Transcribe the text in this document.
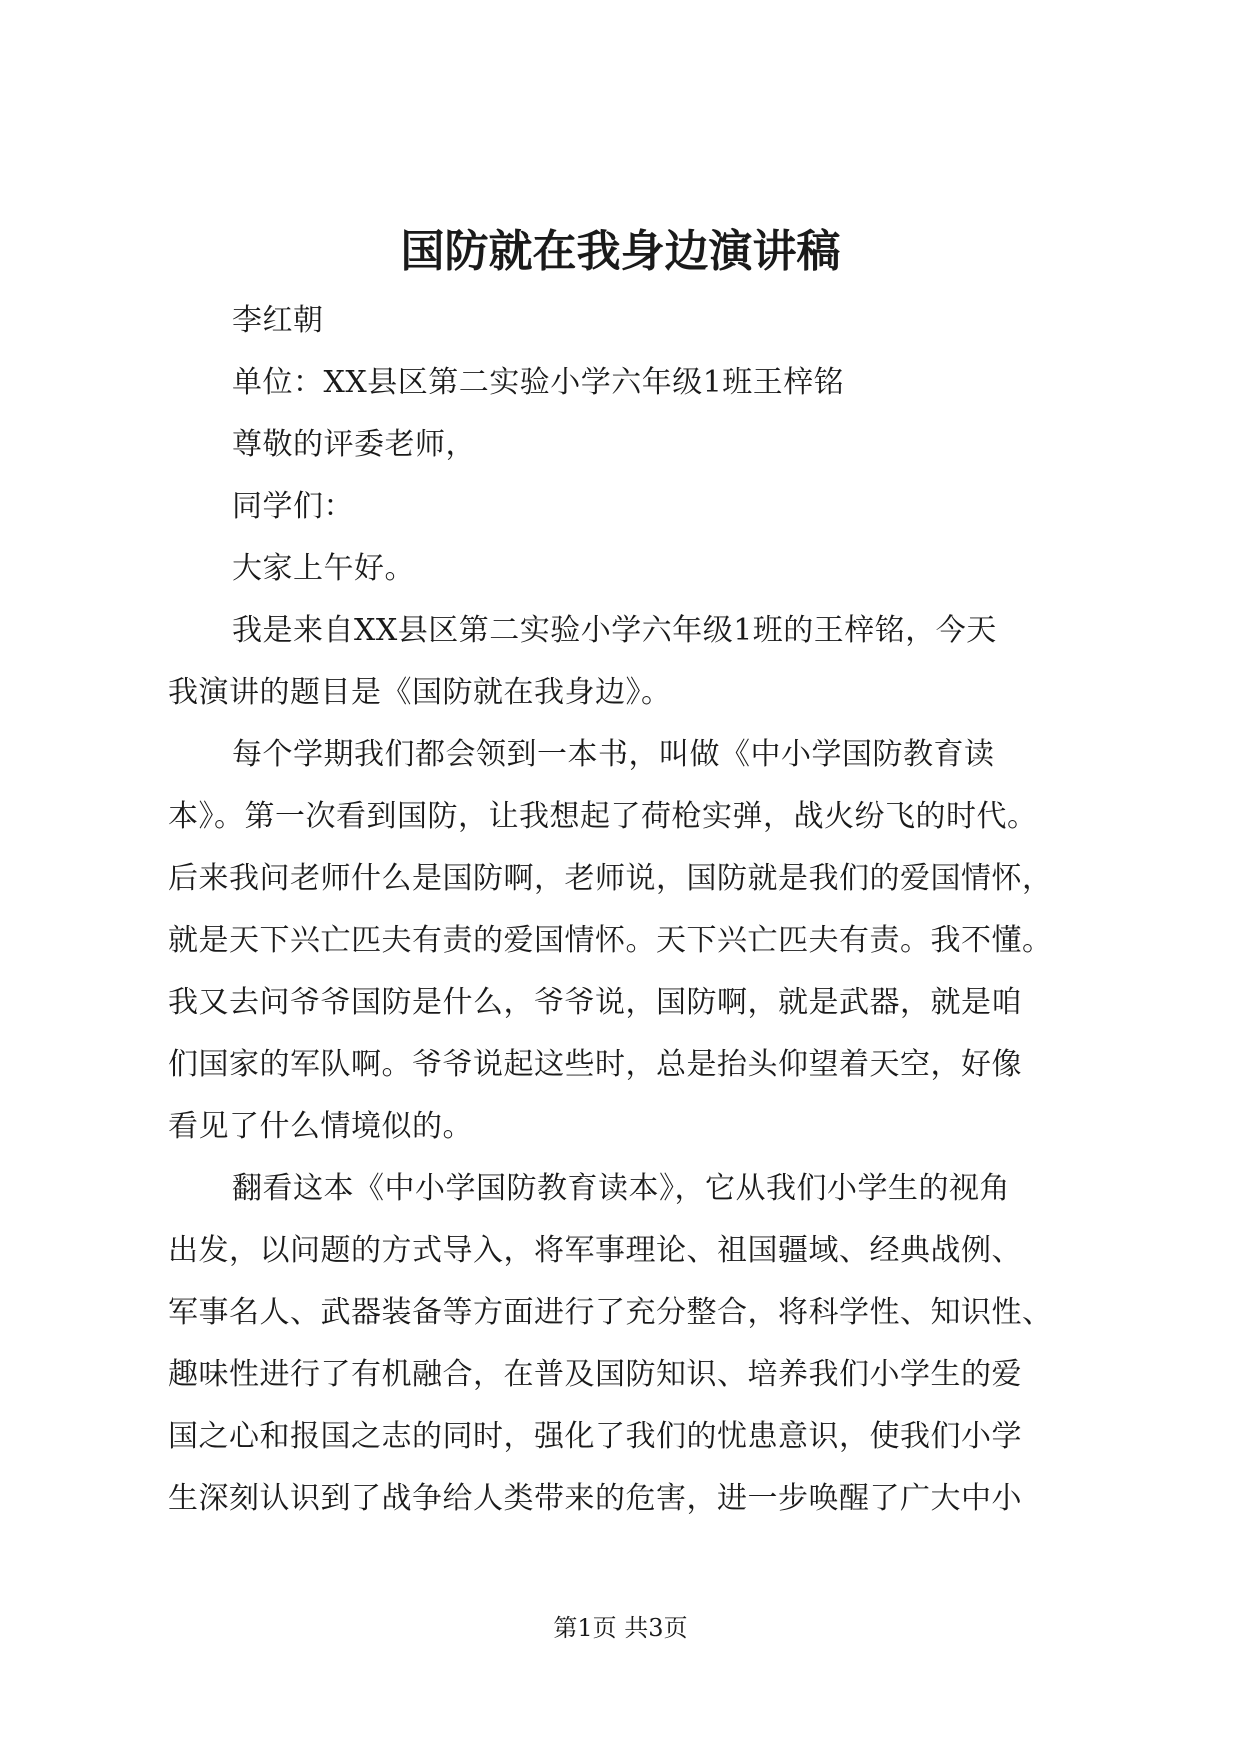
国防就在我身边演讲稿
李红朝
单位：XX县区第二实验小学六年级1班王梓铭
尊敬的评委老师，
同学们：
大家上午好。
我是来自XX县区第二实验小学六年级1班的王梓铭，今天
我演讲的题目是《国防就在我身边》。
每个学期我们都会领到一本书，叫做《中小学国防教育读
本》。第一次看到国防，让我想起了荷枪实弹，战火纷飞的时代。
后来我问老师什么是国防啊，老师说，国防就是我们的爱国情怀，
就是天下兴亡匹夫有责的爱国情怀。天下兴亡匹夫有责。我不懂。
我又去问爷爷国防是什么，爷爷说，国防啊，就是武器，就是咱
们国家的军队啊。爷爷说起这些时，总是抬头仰望着天空，好像
看见了什么情境似的。
翻看这本《中小学国防教育读本》，它从我们小学生的视角
出发，以问题的方式导入，将军事理论、祖国疆域、经典战例、
军事名人、武器装备等方面进行了充分整合，将科学性、知识性、
趣味性进行了有机融合，在普及国防知识、培养我们小学生的爱
国之心和报国之志的同时，强化了我们的忧患意识，使我们小学
生深刻认识到了战争给人类带来的危害，进一步唤醒了广大中小
第1页 共3页
